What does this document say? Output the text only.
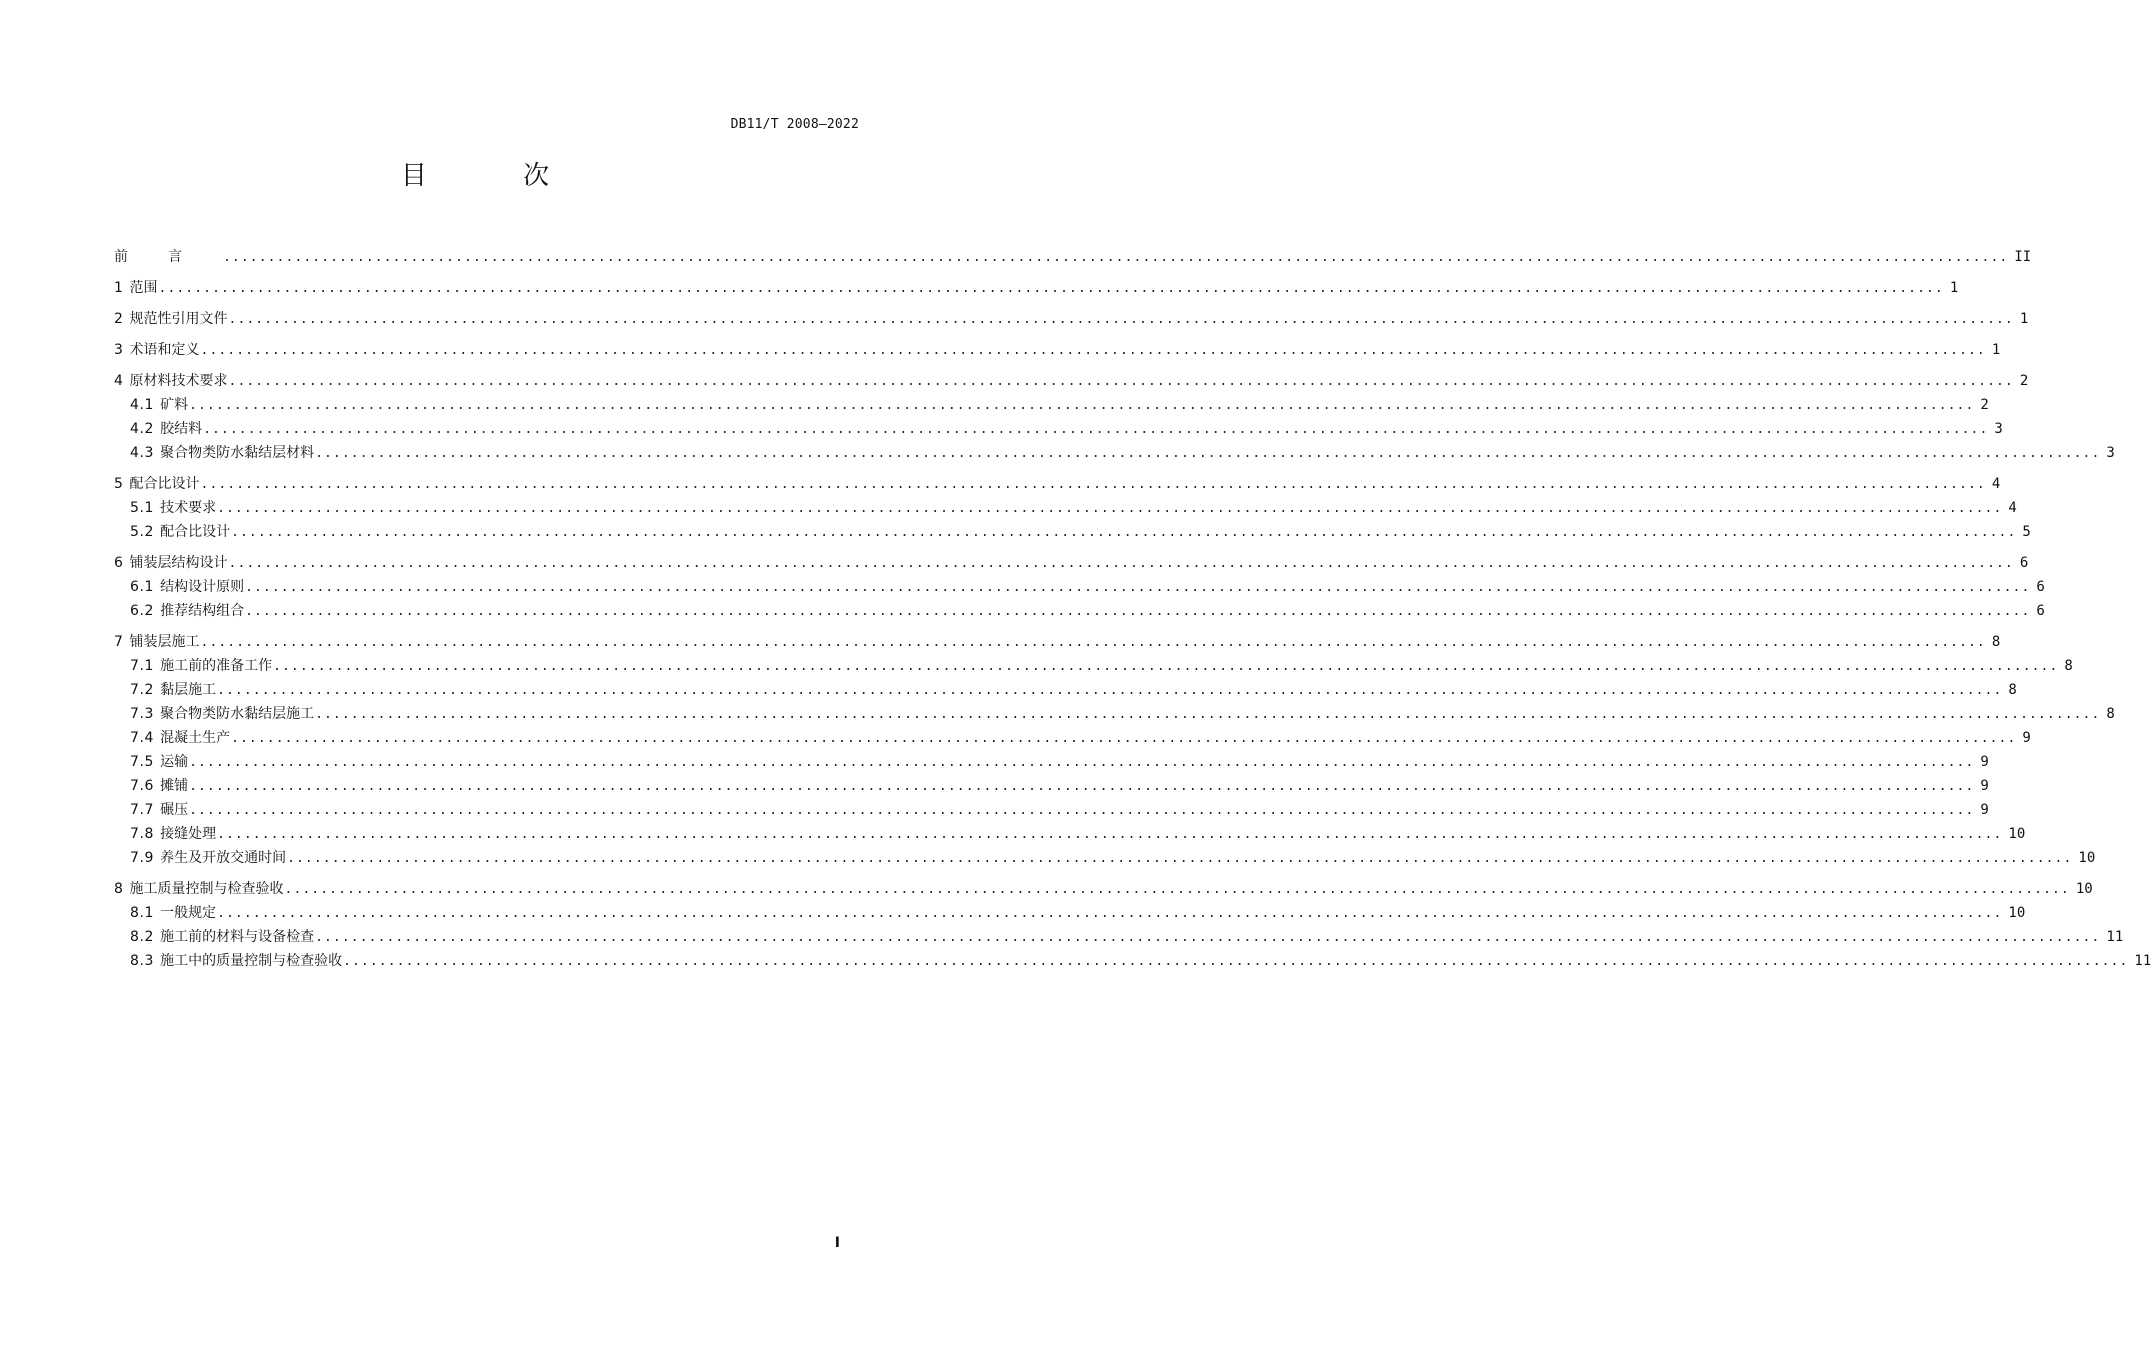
DB11/T 2008—2022
目 次
前言 ........................................................................................................................................................................................................ II
1 范围 ........................................................................................................................................................................................................ 1
2 规范性引用文件 ........................................................................................................................................................................................................ 1
3 术语和定义 ........................................................................................................................................................................................................ 1
4 原材料技术要求 ........................................................................................................................................................................................................ 2
4.1 矿料 ........................................................................................................................................................................................................ 2
4.2 胶结料 ........................................................................................................................................................................................................ 3
4.3 聚合物类防水黏结层材料 ........................................................................................................................................................................................................ 3
5 配合比设计 ........................................................................................................................................................................................................ 4
5.1 技术要求 ........................................................................................................................................................................................................ 4
5.2 配合比设计 ........................................................................................................................................................................................................ 5
6 铺装层结构设计 ........................................................................................................................................................................................................ 6
6.1 结构设计原则 ........................................................................................................................................................................................................ 6
6.2 推荐结构组合 ........................................................................................................................................................................................................ 6
7 铺装层施工 ........................................................................................................................................................................................................ 8
7.1 施工前的准备工作 ........................................................................................................................................................................................................ 8
7.2 黏层施工 ........................................................................................................................................................................................................ 8
7.3 聚合物类防水黏结层施工 ........................................................................................................................................................................................................ 8
7.4 混凝土生产 ........................................................................................................................................................................................................ 9
7.5 运输 ........................................................................................................................................................................................................ 9
7.6 摊铺 ........................................................................................................................................................................................................ 9
7.7 碾压 ........................................................................................................................................................................................................ 9
7.8 接缝处理 ........................................................................................................................................................................................................ 10
7.9 养生及开放交通时间 ........................................................................................................................................................................................................ 10
8 施工质量控制与检查验收 ........................................................................................................................................................................................................ 10
8.1 一般规定 ........................................................................................................................................................................................................ 10
8.2 施工前的材料与设备检查 ........................................................................................................................................................................................................ 11
8.3 施工中的质量控制与检查验收 ........................................................................................................................................................................................................ 11
I
